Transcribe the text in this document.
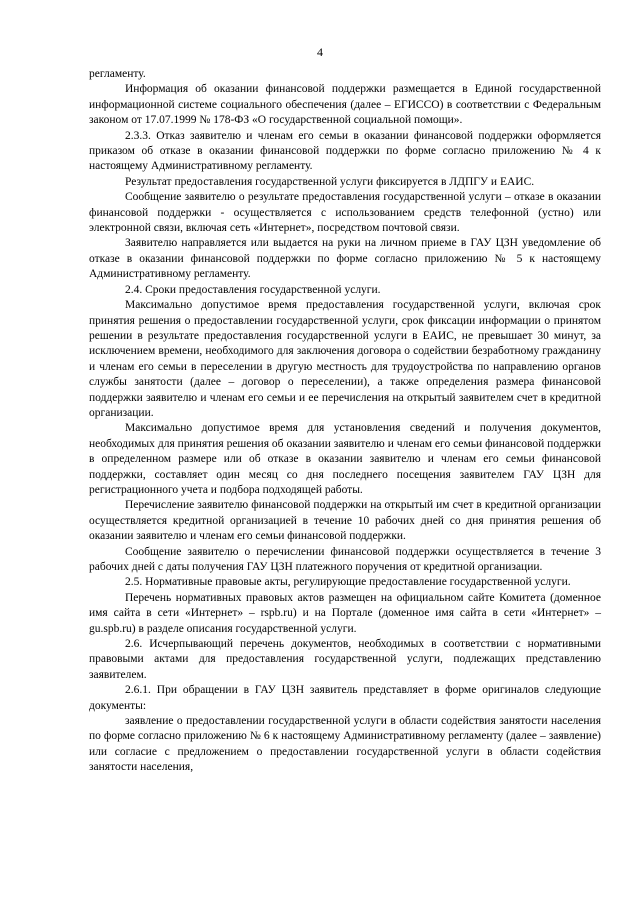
4

регламенту.

Информация об оказании финансовой поддержки размещается в Единой государственной информационной системе социального обеспечения (далее – ЕГИССО) в соответствии с Федеральным законом от 17.07.1999 № 178-ФЗ «О государственной социальной помощи».

2.3.3. Отказ заявителю и членам его семьи в оказании финансовой поддержки оформляется приказом об отказе в оказании финансовой поддержки по форме согласно приложению № 4 к настоящему Административному регламенту.

Результат предоставления государственной услуги фиксируется в ЛДПГУ и ЕАИС.

Сообщение заявителю о результате предоставления государственной услуги – отказе в оказании финансовой поддержки - осуществляется с использованием средств телефонной (устно) или электронной связи, включая сеть «Интернет», посредством почтовой связи.

Заявителю направляется или выдается на руки на личном приеме в ГАУ ЦЗН уведомление об отказе в оказании финансовой поддержки по форме согласно приложению № 5 к настоящему Административному регламенту.

2.4. Сроки предоставления государственной услуги.

Максимально допустимое время предоставления государственной услуги, включая срок принятия решения о предоставлении государственной услуги, срок фиксации информации о принятом решении в результате предоставления государственной услуги в ЕАИС, не превышает 30 минут, за исключением времени, необходимого для заключения договора о содействии безработному гражданину и членам его семьи в переселении в другую местность для трудоустройства по направлению органов службы занятости (далее – договор о переселении), а также определения размера финансовой поддержки заявителю и членам его семьи и ее перечисления на открытый заявителем счет в кредитной организации.

Максимально допустимое время для установления сведений и получения документов, необходимых для принятия решения об оказании заявителю и членам его семьи финансовой поддержки в определенном размере или об отказе в оказании заявителю и членам его семьи финансовой поддержки, составляет один месяц со дня последнего посещения заявителем ГАУ ЦЗН для регистрационного учета и подбора подходящей работы.

Перечисление заявителю финансовой поддержки на открытый им счет в кредитной организации осуществляется кредитной организацией в течение 10 рабочих дней со дня принятия решения об оказании заявителю и членам его семьи финансовой поддержки.

Сообщение заявителю о перечислении финансовой поддержки осуществляется в течение 3 рабочих дней с даты получения ГАУ ЦЗН платежного поручения от кредитной организации.

2.5. Нормативные правовые акты, регулирующие предоставление государственной услуги.

Перечень нормативных правовых актов размещен на официальном сайте Комитета (доменное имя сайта в сети «Интернет» – rspb.ru) и на Портале (доменное имя сайта в сети «Интернет» – gu.spb.ru) в разделе описания государственной услуги.

2.6. Исчерпывающий перечень документов, необходимых в соответствии с нормативными правовыми актами для предоставления государственной услуги, подлежащих представлению заявителем.

2.6.1. При обращении в ГАУ ЦЗН заявитель представляет в форме оригиналов следующие документы:

заявление о предоставлении государственной услуги в области содействия занятости населения по форме согласно приложению № 6 к настоящему Административному регламенту (далее – заявление) или согласие с предложением о предоставлении государственной услуги в области содействия занятости населения,
